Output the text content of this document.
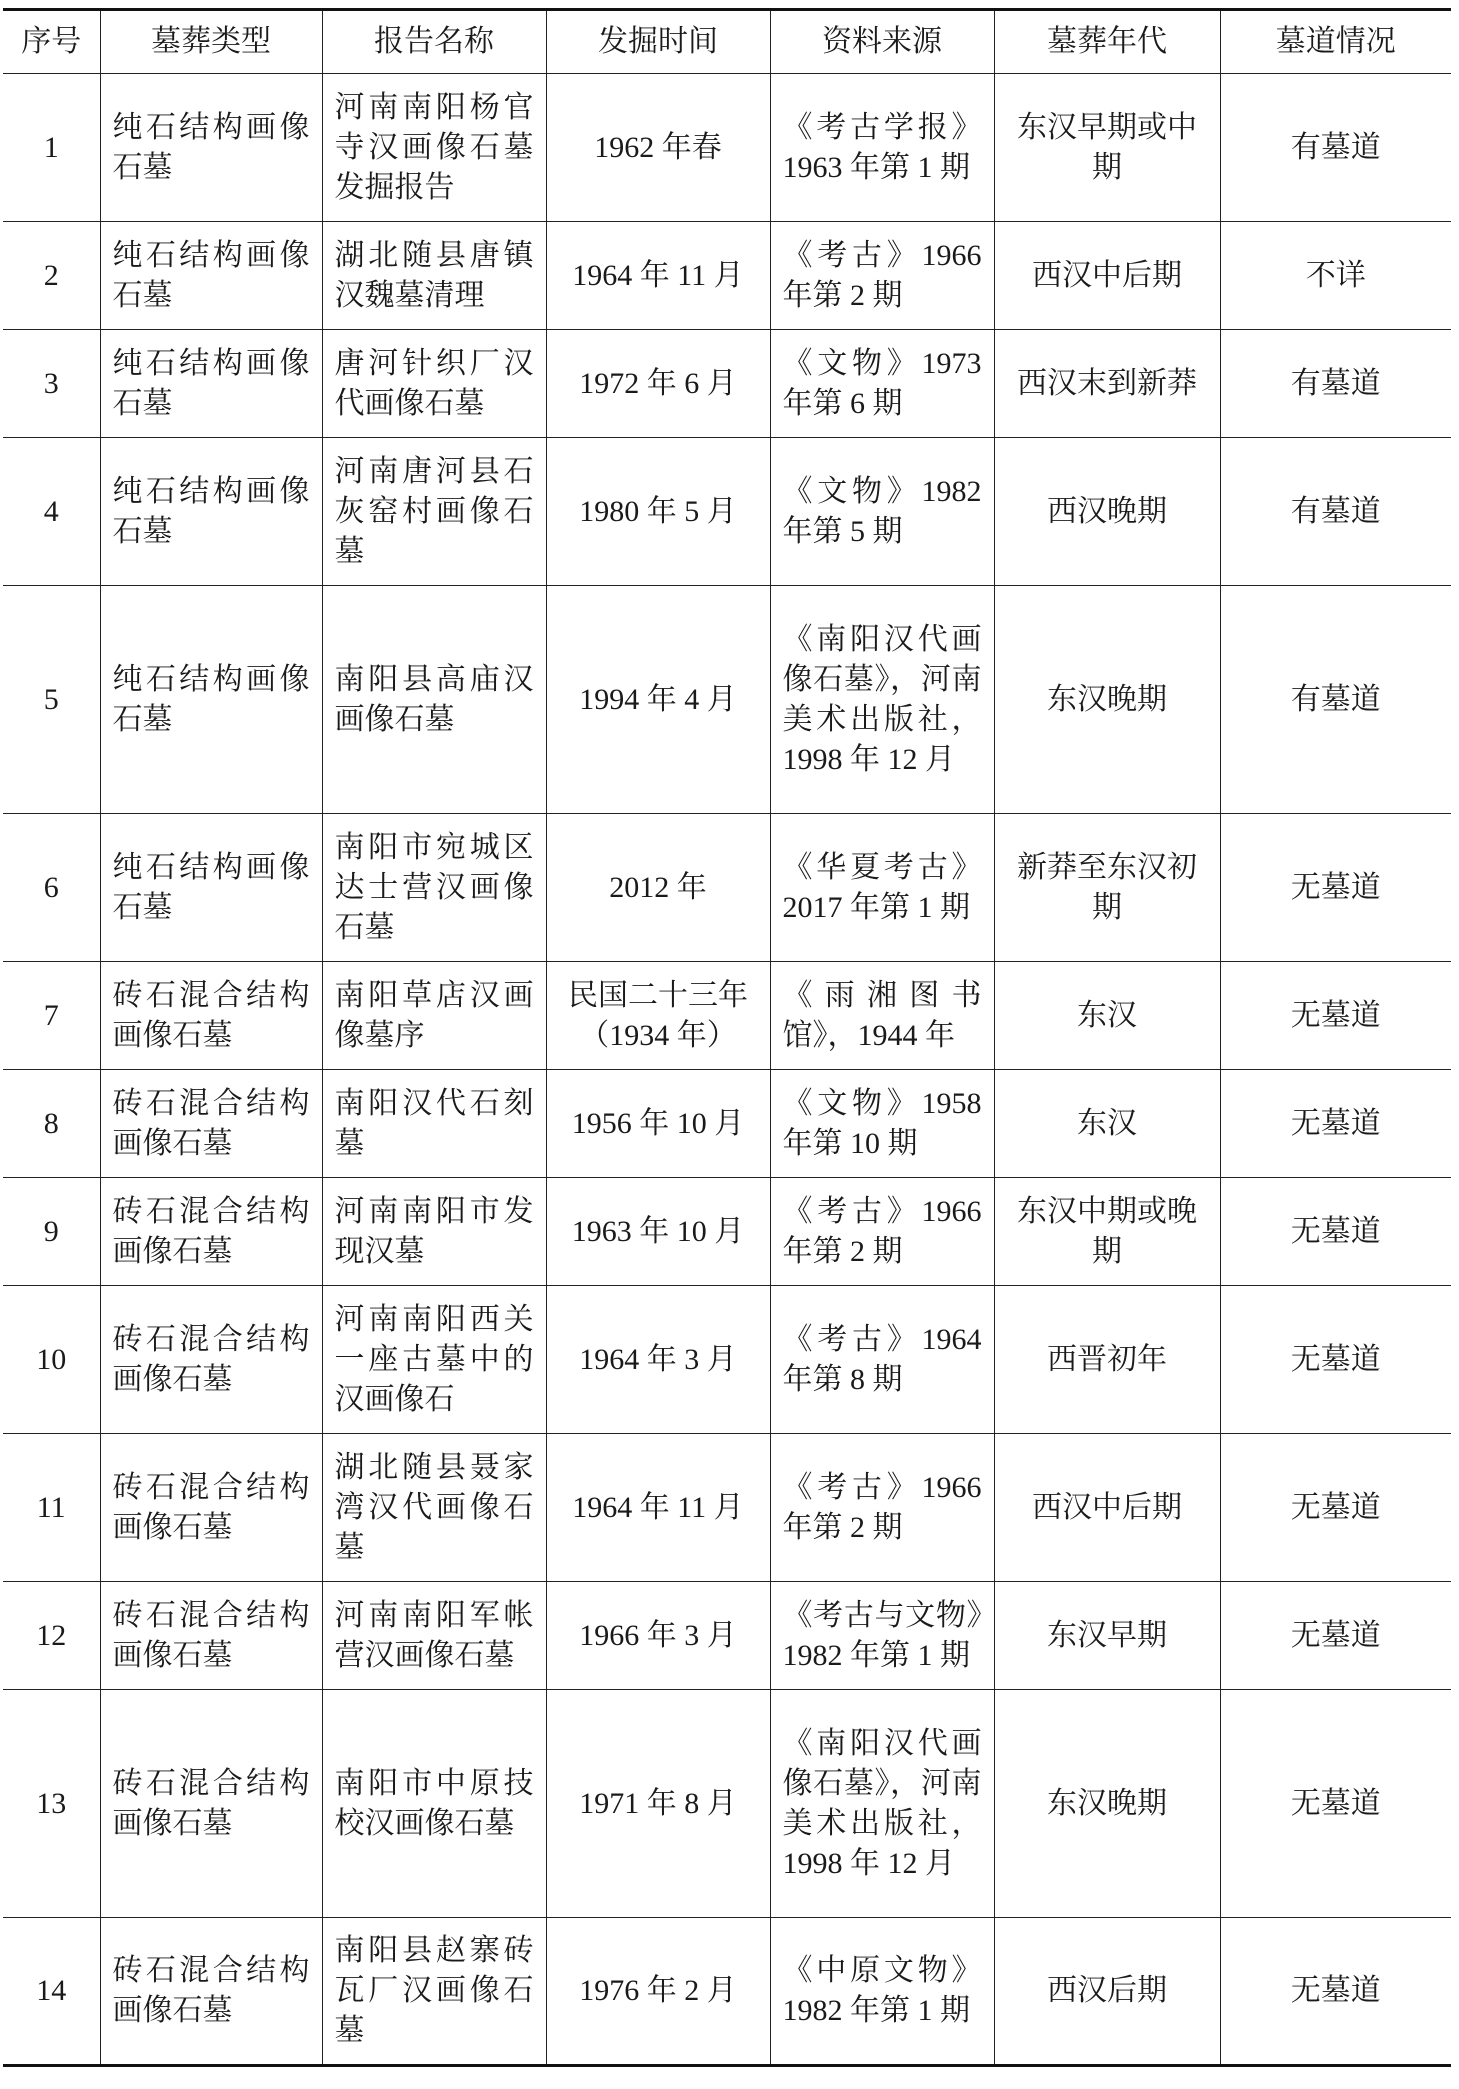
序号	墓葬类型	报告名称	发掘时间	资料来源	墓葬年代	墓道情况
1	纯石结构画像石墓	河南南阳杨官寺汉画像石墓发掘报告	1962 年春	《考古学报》1963 年第 1 期	东汉早期或中期	有墓道
2	纯石结构画像石墓	湖北随县唐镇汉魏墓清理	1964 年 11 月	《考古》1966 年第 2 期	西汉中后期	不详
3	纯石结构画像石墓	唐河针织厂汉代画像石墓	1972 年 6 月	《文物》1973 年第 6 期	西汉末到新莽	有墓道
4	纯石结构画像石墓	河南唐河县石灰窑村画像石墓	1980 年 5 月	《文物》1982 年第 5 期	西汉晚期	有墓道
5	纯石结构画像石墓	南阳县高庙汉画像石墓	1994 年 4 月	《南阳汉代画像石墓》，河南美术出版社，1998 年 12 月	东汉晚期	有墓道
6	纯石结构画像石墓	南阳市宛城区达士营汉画像石墓	2012 年	《华夏考古》2017 年第 1 期	新莽至东汉初期	无墓道
7	砖石混合结构画像石墓	南阳草店汉画像墓序	民国二十三年（1934 年）	《雨湘图书馆》，1944 年	东汉	无墓道
8	砖石混合结构画像石墓	南阳汉代石刻墓	1956 年 10 月	《文物》1958 年第 10 期	东汉	无墓道
9	砖石混合结构画像石墓	河南南阳市发现汉墓	1963 年 10 月	《考古》1966 年第 2 期	东汉中期或晚期	无墓道
10	砖石混合结构画像石墓	河南南阳西关一座古墓中的汉画像石	1964 年 3 月	《考古》1964 年第 8 期	西晋初年	无墓道
11	砖石混合结构画像石墓	湖北随县聂家湾汉代画像石墓	1964 年 11 月	《考古》1966 年第 2 期	西汉中后期	无墓道
12	砖石混合结构画像石墓	河南南阳军帐营汉画像石墓	1966 年 3 月	《考古与文物》1982 年第 1 期	东汉早期	无墓道
13	砖石混合结构画像石墓	南阳市中原技校汉画像石墓	1971 年 8 月	《南阳汉代画像石墓》，河南美术出版社，1998 年 12 月	东汉晚期	无墓道
14	砖石混合结构画像石墓	南阳县赵寨砖瓦厂汉画像石墓	1976 年 2 月	《中原文物》1982 年第 1 期	西汉后期	无墓道
